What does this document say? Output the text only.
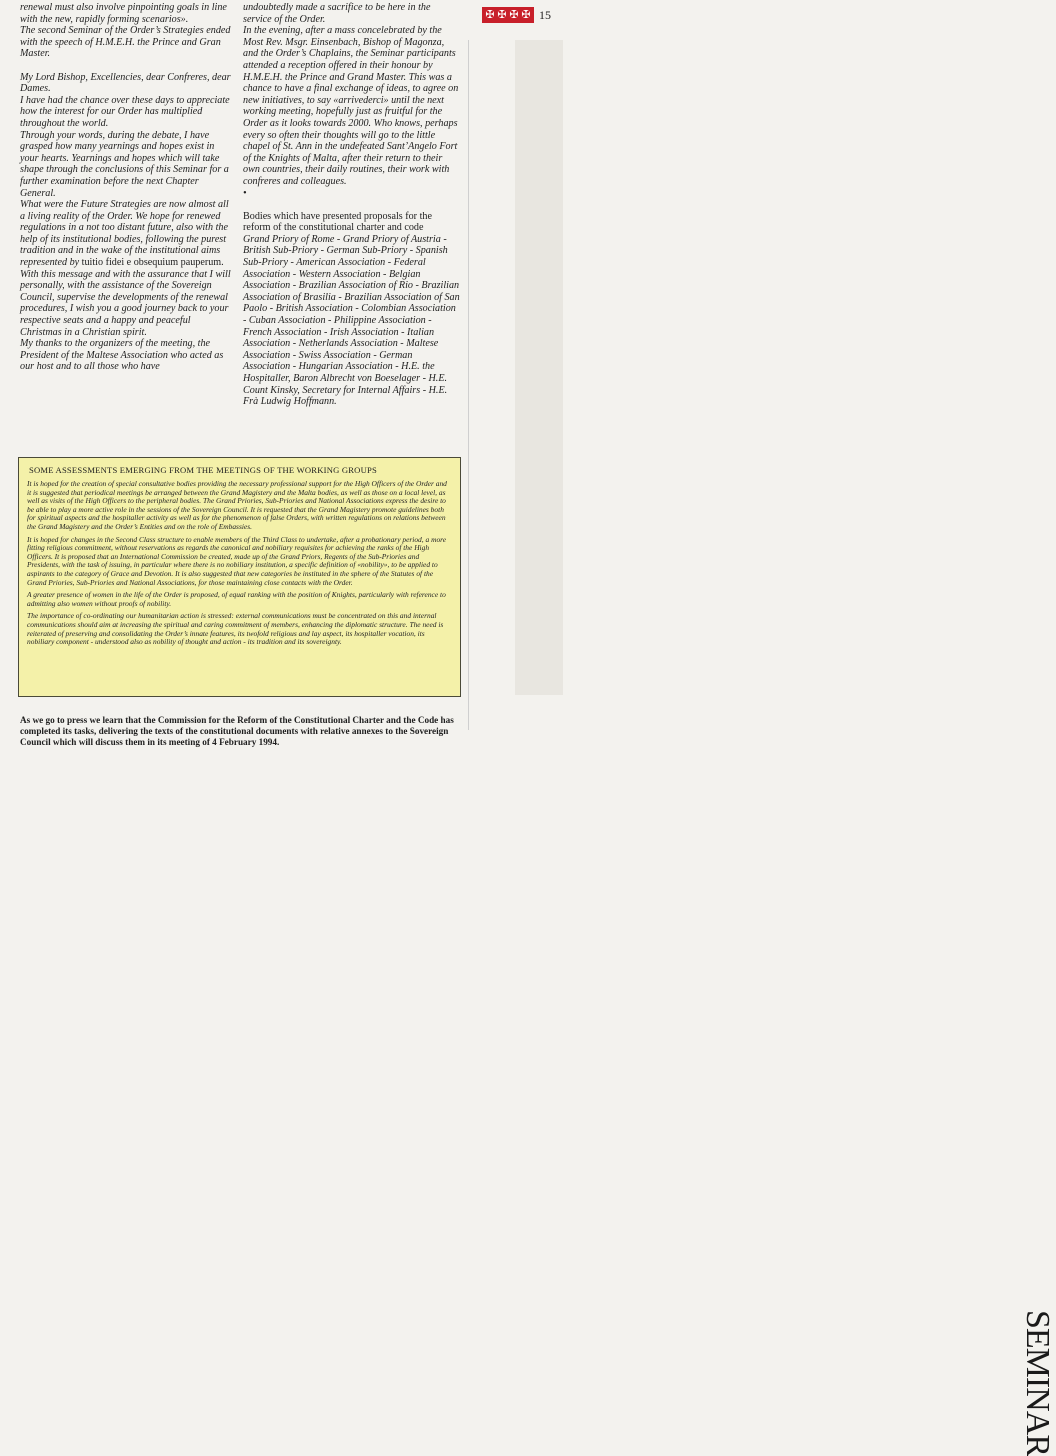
✠ ✠ ✠ ✠ 15

renewal must also involve pinpointing goals in line with the new, rapidly forming scenarios».

The second Seminar of the Order’s Strategies ended with the speech of H.M.E.H. the Prince and Gran Master.

My Lord Bishop, Excellencies, dear Confreres, dear Dames.

I have had the chance over these days to appreciate how the interest for our Order has multiplied throughout the world.

Through your words, during the debate, I have grasped how many yearnings and hopes exist in your hearts. Yearnings and hopes which will take shape through the conclusions of this Seminar for a further examination before the next Chapter General.

What were the Future Strategies are now almost all a living reality of the Order. We hope for renewed regulations in a not too distant future, also with the help of its institutional bodies, following the purest tradition and in the wake of the institutional aims represented by tuitio fidei e obsequium pauperum.

With this message and with the assurance that I will personally, with the assistance of the Sovereign Council, supervise the developments of the renewal procedures, I wish you a good journey back to your respective seats and a happy and peaceful Christmas in a Christian spirit.

My thanks to the organizers of the meeting, the President of the Maltese Association who acted as our host and to all those who have

undoubtedly made a sacrifice to be here in the service of the Order.

In the evening, after a mass concelebrated by the Most Rev. Msgr. Einsenbach, Bishop of Magonza, and the Order’s Chaplains, the Seminar participants attended a reception offered in their honour by H.M.E.H. the Prince and Grand Master. This was a chance to have a final exchange of ideas, to agree on new initiatives, to say «arrivederci» until the next working meeting, hopefully just as fruitful for the Order as it looks towards 2000. Who knows, perhaps every so often their thoughts will go to the little chapel of St. Ann in the undefeated Sant’Angelo Fort of the Knights of Malta, after their return to their own countries, their daily routines, their work with confreres and colleagues.

•

Bodies which have presented proposals for the reform of the constitutional charter and code

Grand Priory of Rome - Grand Priory of Austria - British Sub-Priory - German Sub-Priory - Spanish Sub-Priory - American Association - Federal Association - Western Association - Belgian Association - Brazilian Association of Rio - Brazilian Association of Brasilia - Brazilian Association of San Paolo - British Association - Colombian Association - Cuban Association - Philippine Association - French Association - Irish Association - Italian Association - Netherlands Association - Maltese Association - Swiss Association - German Association - Hungarian Association - H.E. the Hospitaller, Baron Albrecht von Boeselager - H.E. Count Kinsky, Secretary for Internal Affairs - H.E. Frà Ludwig Hoffmann.

SOME ASSESSMENTS EMERGING FROM THE MEETINGS OF THE WORKING GROUPS

It is hoped for the creation of special consultative bodies providing the necessary professional support for the High Officers of the Order and it is suggested that periodical meetings be arranged between the Grand Magistery and the Malta bodies, as well as those on a local level, as well as visits of the High Officers to the peripheral bodies. The Grand Priories, Sub-Priories and National Associations express the desire to be able to play a more active role in the sessions of the Sovereign Council. It is requested that the Grand Magistery promote guidelines both for spiritual aspects and the hospitaller activity as well as for the phenomenon of false Orders, with written regulations on relations between the Grand Magistery and the Order’s Entities and on the role of Embassies.

It is hoped for changes in the Second Class structure to enable members of the Third Class to undertake, after a probationary period, a more fitting religious commitment, without reservations as regards the canonical and nobiliary requisites for achieving the ranks of the High Officers. It is proposed that an International Commission be created, made up of the Grand Priors, Regents of the Sub-Priories and Presidents, with the task of issuing, in particular where there is no nobiliary institution, a specific definition of «nobility», to be applied to aspirants to the category of Grace and Devotion. It is also suggested that new categories be instituted in the sphere of the Statutes of the Grand Priories, Sub-Priories and National Associations, for those maintaining close contacts with the Order.

A greater presence of women in the life of the Order is proposed, of equal ranking with the position of Knights, particularly with reference to admitting also women without proofs of nobility.

The importance of co-ordinating our humanitarian action is stressed: external communications must be concentrated on this and internal communications should aim at increasing the spiritual and caring commitment of members, enhancing the diplomatic structure. The need is reiterated of preserving and consolidating the Order’s innate features, its twofold religious and lay aspect, its hospitaller vocation, its nobiliary component - understood also as nobility of thought and action - its tradition and its sovereignty.

As we go to press we learn that the Commission for the Reform of the Constitutional Charter and the Code has completed its tasks, delivering the texts of the constitutional documents with relative annexes to the Sovereign Council which will discuss them in its meeting of 4 February 1994.
SEMINAR
